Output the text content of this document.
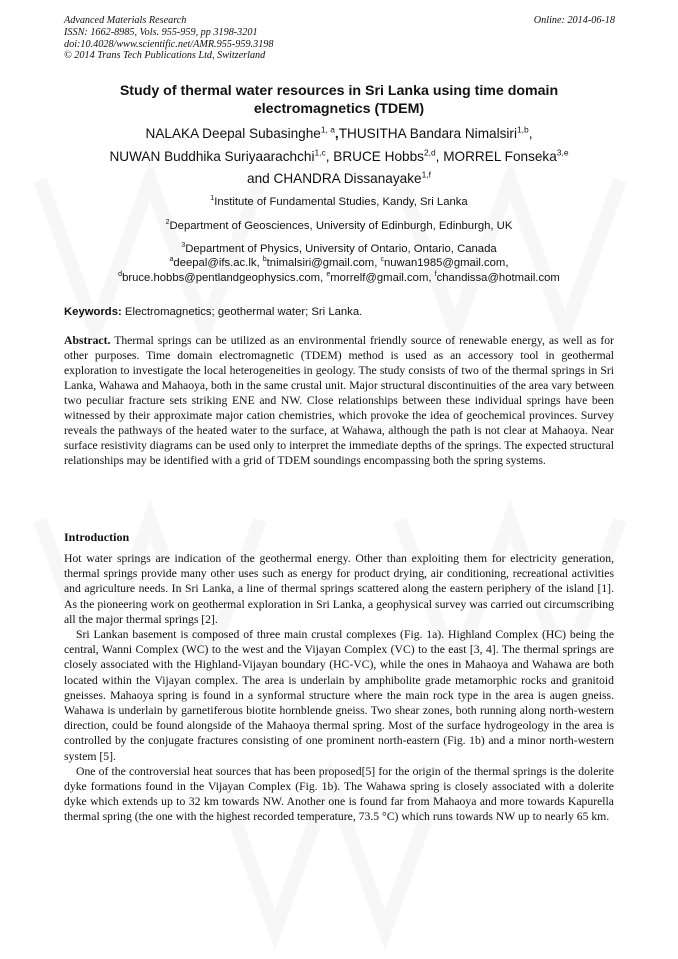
Advanced Materials Research
ISSN: 1662-8985, Vols. 955-959, pp 3198-3201
doi:10.4028/www.scientific.net/AMR.955-959.3198
© 2014 Trans Tech Publications Ltd, Switzerland
Online: 2014-06-18
Study of thermal water resources in Sri Lanka using time domain electromagnetics (TDEM)
NALAKA Deepal Subasinghe$^{1, a}$,THUSITHA Bandara Nimalsiri$^{1,b}$,
NUWAN Buddhika Suriyaarachchi$^{1,c}$, BRUCE Hobbs$^{2,d}$, MORREL Fonseka$^{3,e}$
and CHANDRA Dissanayake$^{1,f}$
$^1$Institute of Fundamental Studies, Kandy, Sri Lanka
$^2$Department of Geosciences, University of Edinburgh, Edinburgh, UK
$^3$Department of Physics, University of Ontario, Ontario, Canada
$^a$deepal@ifs.ac.lk, $^b$tnimalsiri@gmail.com, $^c$nuwan1985@gmail.com,
$^d$bruce.hobbs@pentlandgeophysics.com, $^e$morrelf@gmail.com, $^f$chandissa@hotmail.com
Keywords: Electromagnetics; geothermal water; Sri Lanka.
Abstract. Thermal springs can be utilized as an environmental friendly source of renewable energy, as well as for other purposes. Time domain electromagnetic (TDEM) method is used as an accessory tool in geothermal exploration to investigate the local heterogeneities in geology. The study consists of two of the thermal springs in Sri Lanka, Wahawa and Mahaoya, both in the same crustal unit. Major structural discontinuities of the area vary between two peculiar fracture sets striking ENE and NW. Close relationships between these individual springs have been witnessed by their approximate major cation chemistries, which provoke the idea of geochemical provinces. Survey reveals the pathways of the heated water to the surface, at Wahawa, although the path is not clear at Mahaoya. Near surface resistivity diagrams can be used only to interpret the immediate depths of the springs. The expected structural relationships may be identified with a grid of TDEM soundings encompassing both the spring systems.
Introduction

Hot water springs are indication of the geothermal energy. Other than exploiting them for electricity generation, thermal springs provide many other uses such as energy for product drying, air conditioning, recreational activities and agriculture needs. In Sri Lanka, a line of thermal springs scattered along the eastern periphery of the island [1]. As the pioneering work on geothermal exploration in Sri Lanka, a geophysical survey was carried out circumscribing all the major thermal springs [2].

Sri Lankan basement is composed of three main crustal complexes (Fig. 1a). Highland Complex (HC) being the central, Wanni Complex (WC) to the west and the Vijayan Complex (VC) to the east [3, 4]. The thermal springs are closely associated with the Highland-Vijayan boundary (HC-VC), while the ones in Mahaoya and Wahawa are both located within the Vijayan complex. The area is underlain by amphibolite grade metamorphic rocks and granitoid gneisses. Mahaoya spring is found in a synformal structure where the main rock type in the area is augen gneiss. Wahawa is underlain by garnetiferous biotite hornblende gneiss. Two shear zones, both running along north-western direction, could be found alongside of the Mahaoya thermal spring. Most of the surface hydrogeology in the area is controlled by the conjugate fractures consisting of one prominent north-eastern (Fig. 1b) and a minor north-western system [5].

One of the controversial heat sources that has been proposed[5] for the origin of the thermal springs is the dolerite dyke formations found in the Vijayan Complex (Fig. 1b). The Wahawa spring is closely associated with a dolerite dyke which extends up to 32 km towards NW. Another one is found far from Mahaoya and more towards Kapurella thermal spring (the one with the highest recorded temperature, 73.5 °C) which runs towards NW up to nearly 65 km.
